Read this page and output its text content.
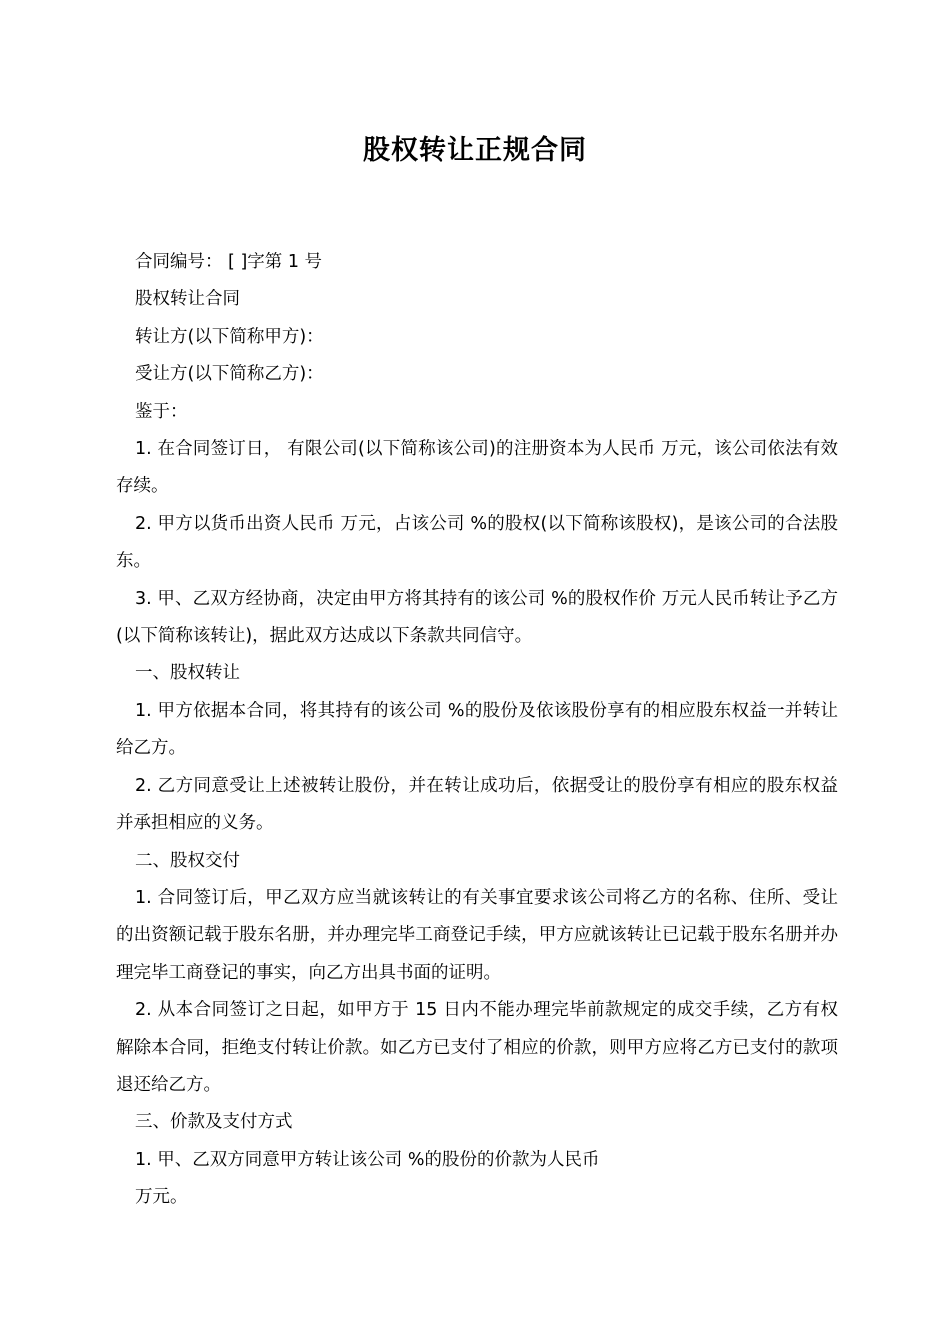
股权转让正规合同

合同编号： [ ]字第 1 号

股权转让合同

转让方(以下简称甲方)：

受让方(以下简称乙方)：

鉴于：

1. 在合同签订日， 有限公司(以下简称该公司)的注册资本为人民币 万元，该公司依法有效存续。

2. 甲方以货币出资人民币 万元，占该公司 %的股权(以下简称该股权)，是该公司的合法股东。

3. 甲、乙双方经协商，决定由甲方将其持有的该公司 %的股权作价 万元人民币转让予乙方(以下简称该转让)，据此双方达成以下条款共同信守。

一、股权转让

1. 甲方依据本合同，将其持有的该公司 %的股份及依该股份享有的相应股东权益一并转让给乙方。

2. 乙方同意受让上述被转让股份，并在转让成功后，依据受让的股份享有相应的股东权益并承担相应的义务。

二、股权交付

1. 合同签订后，甲乙双方应当就该转让的有关事宜要求该公司将乙方的名称、住所、受让的出资额记载于股东名册，并办理完毕工商登记手续，甲方应就该转让已记载于股东名册并办理完毕工商登记的事实，向乙方出具书面的证明。

2. 从本合同签订之日起，如甲方于 15 日内不能办理完毕前款规定的成交手续，乙方有权解除本合同，拒绝支付转让价款。如乙方已支付了相应的价款，则甲方应将乙方已支付的款项退还给乙方。

三、价款及支付方式

1. 甲、乙双方同意甲方转让该公司 %的股份的价款为人民币

万元。
